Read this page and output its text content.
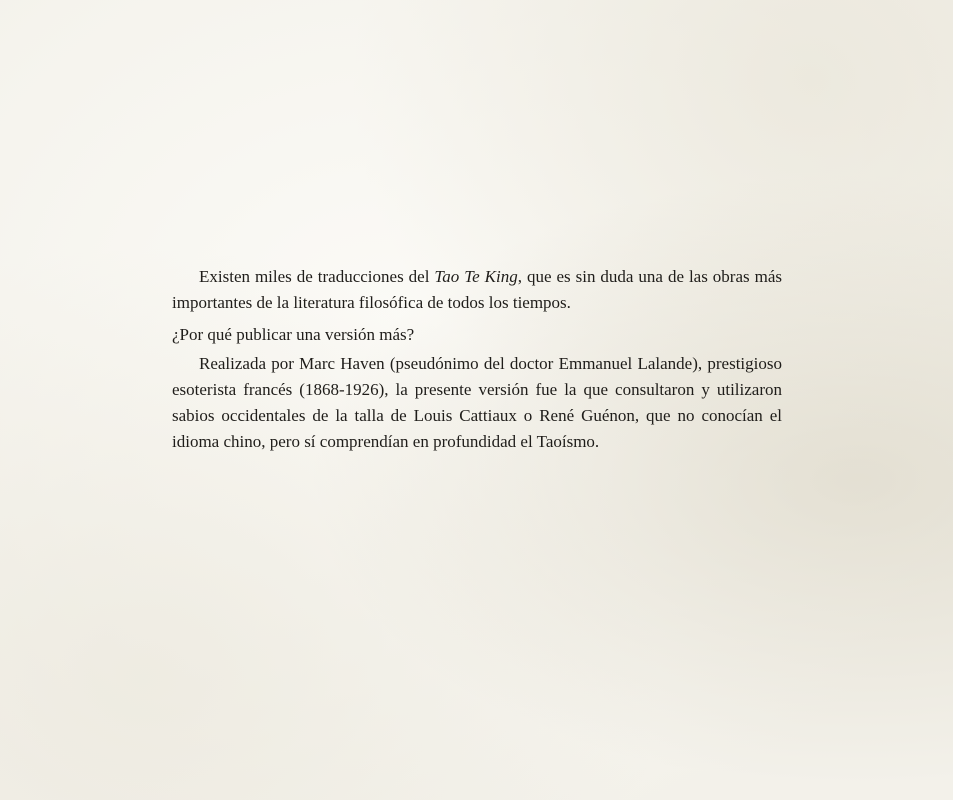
Existen miles de traducciones del Tao Te King, que es sin duda una de las obras más importantes de la literatura filosófica de todos los tiempos.

¿Por qué publicar una versión más?

Realizada por Marc Haven (pseudónimo del doctor Emmanuel Lalande), prestigioso esoterista francés (1868-1926), la presente versión fue la que consultaron y utilizaron sabios occidentales de la talla de Louis Cattiaux o René Guénon, que no conocían el idioma chino, pero sí comprendían en profundidad el Taoísmo.
